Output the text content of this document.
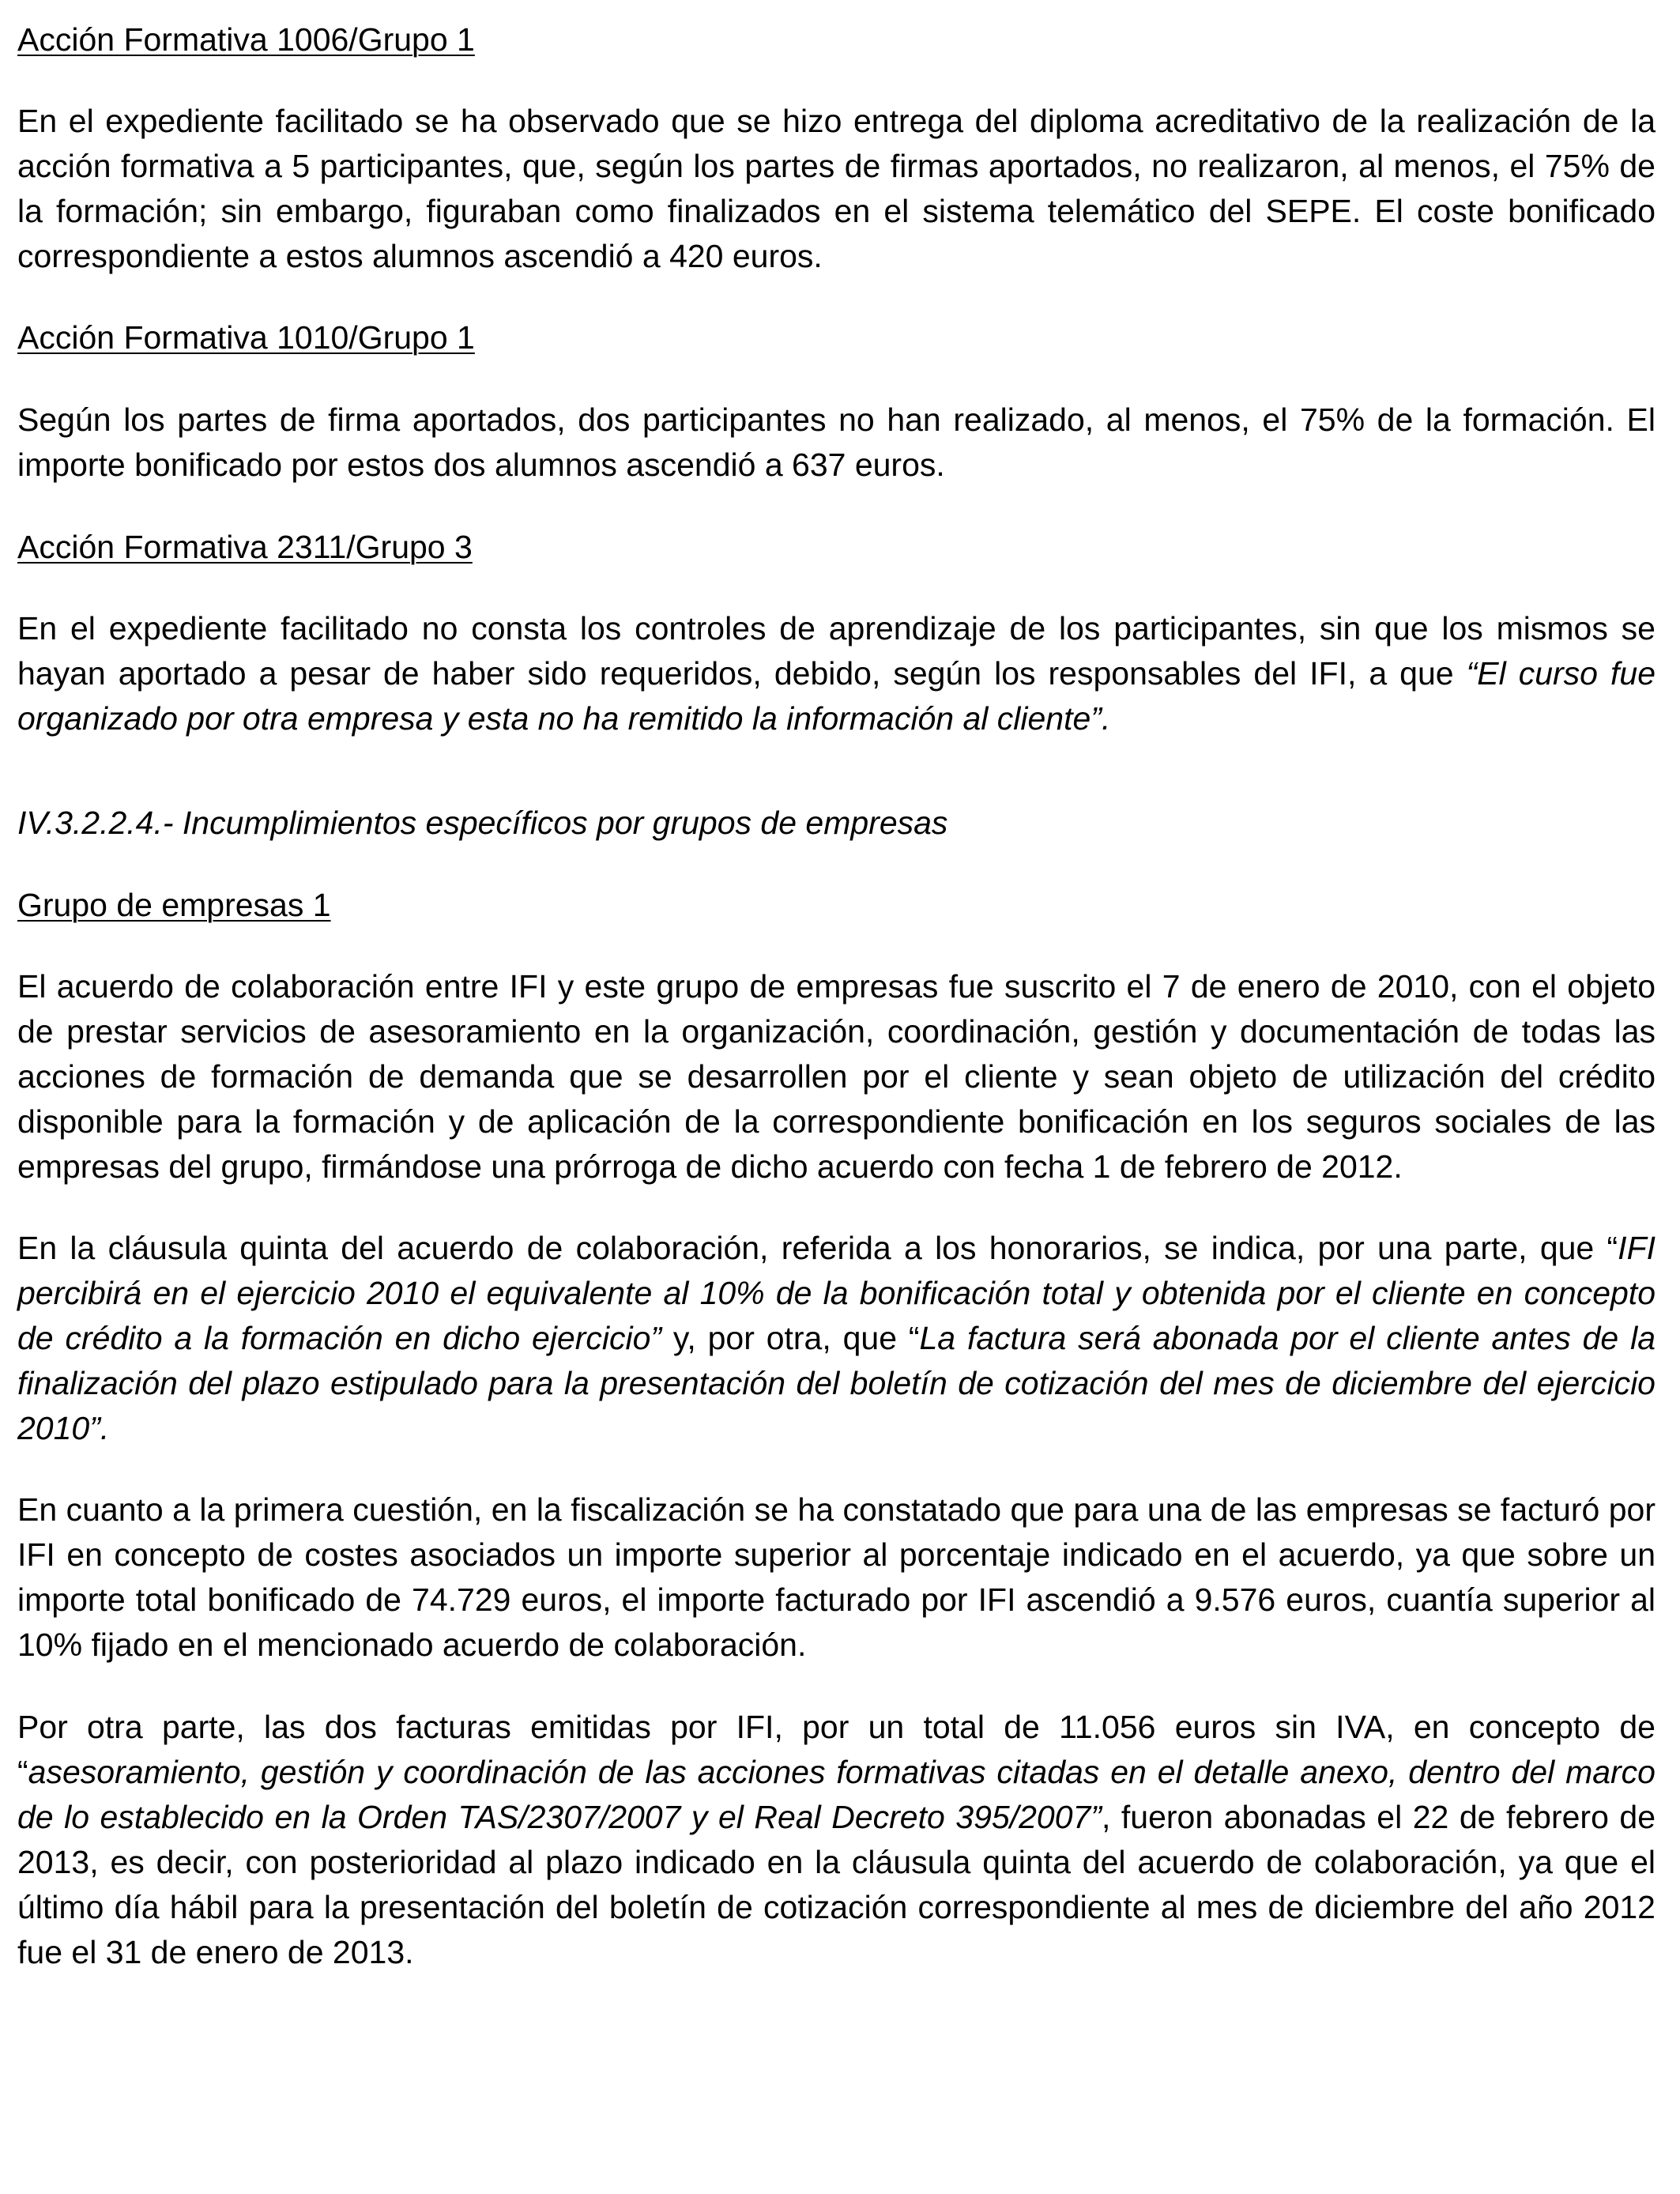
Acción Formativa 1006/Grupo 1

En el expediente facilitado se ha observado que se hizo entrega del diploma acreditativo de la realización de la acción formativa a 5 participantes, que, según los partes de firmas aportados, no realizaron, al menos, el 75% de la formación; sin embargo, figuraban como finalizados en el sistema telemático del SEPE. El coste bonificado correspondiente a estos alumnos ascendió a 420 euros.

Acción Formativa 1010/Grupo 1

Según los partes de firma aportados, dos participantes no han realizado, al menos, el 75% de la formación. El importe bonificado por estos dos alumnos ascendió a 637 euros.

Acción Formativa 2311/Grupo 3

En el expediente facilitado no consta los controles de aprendizaje de los participantes, sin que los mismos se hayan aportado a pesar de haber sido requeridos, debido, según los responsables del IFI, a que “El curso fue organizado por otra empresa y esta no ha remitido la información al cliente”.

IV.3.2.2.4.- Incumplimientos específicos por grupos de empresas

Grupo de empresas 1

El acuerdo de colaboración entre IFI y este grupo de empresas fue suscrito el 7 de enero de 2010, con el objeto de prestar servicios de asesoramiento en la organización, coordinación, gestión y documentación de todas las acciones de formación de demanda que se desarrollen por el cliente y sean objeto de utilización del crédito disponible para la formación y de aplicación de la correspondiente bonificación en los seguros sociales de las empresas del grupo, firmándose una prórroga de dicho acuerdo con fecha 1 de febrero de 2012.

En la cláusula quinta del acuerdo de colaboración, referida a los honorarios, se indica, por una parte, que “IFI percibirá en el ejercicio 2010 el equivalente al 10% de la bonificación total y obtenida por el cliente en concepto de crédito a la formación en dicho ejercicio” y, por otra, que “La factura será abonada por el cliente antes de la finalización del plazo estipulado para la presentación del boletín de cotización del mes de diciembre del ejercicio 2010”.

En cuanto a la primera cuestión, en la fiscalización se ha constatado que para una de las empresas se facturó por IFI en concepto de costes asociados un importe superior al porcentaje indicado en el acuerdo, ya que sobre un importe total bonificado de 74.729 euros, el importe facturado por IFI ascendió a 9.576 euros, cuantía superior al 10% fijado en el mencionado acuerdo de colaboración.

Por otra parte, las dos facturas emitidas por IFI, por un total de 11.056 euros sin IVA, en concepto de “asesoramiento, gestión y coordinación de las acciones formativas citadas en el detalle anexo, dentro del marco de lo establecido en la Orden TAS/2307/2007 y el Real Decreto 395/2007”, fueron abonadas el 22 de febrero de 2013, es decir, con posterioridad al plazo indicado en la cláusula quinta del acuerdo de colaboración, ya que el último día hábil para la presentación del boletín de cotización correspondiente al mes de diciembre del año 2012 fue el 31 de enero de 2013.
